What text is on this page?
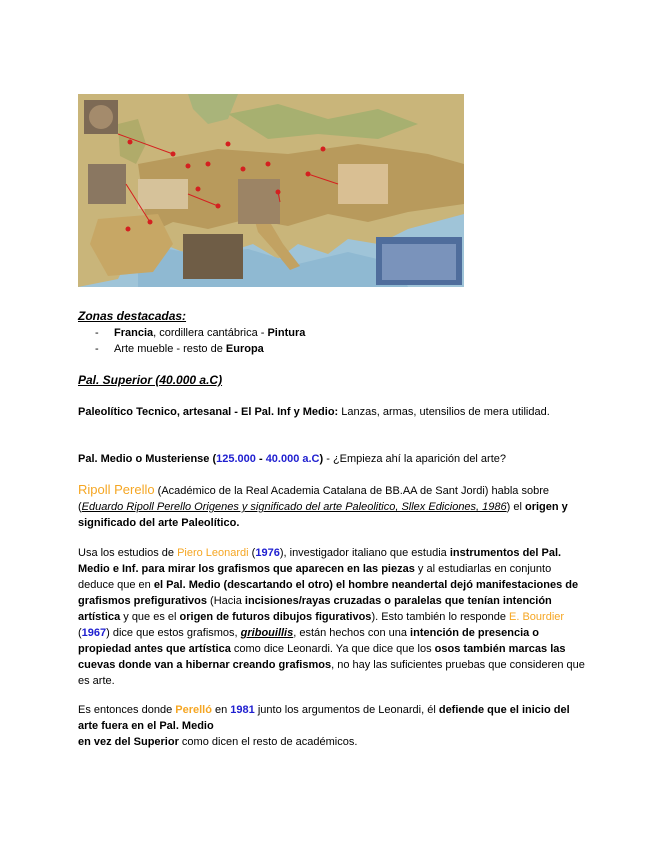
Zonas destacadas:
- Francia, cordillera cantábrica - Pintura
- Arte mueble - resto de Europa
Pal. Superior (40.000 a.C)
Paleolítico Tecnico, artesanal - El Pal. Inf y Medio: Lanzas, armas, utensilios de mera utilidad.
Pal. Medio o Musteriense (125.000 - 40.000 a.C) - ¿Empieza ahí la aparición del arte?
Ripoll Perello (Académico de la Real Academia Catalana de BB.AA de Sant Jordi) habla sobre (Eduardo Ripoll Perello Origenes y significado del arte Paleolitico, Sllex Ediciones, 1986) el origen y significado del arte Paleolítico.
Usa los estudios de Piero Leonardi (1976), investigador italiano que estudia instrumentos del Pal. Medio e Inf. para mirar los grafismos que aparecen en las piezas y al estudiarlas en conjunto deduce que en el Pal. Medio (descartando el otro) el hombre neandertal dejó manifestaciones de grafismos prefigurativos (Hacia incisiones/rayas cruzadas o paralelas que tenían intención artística y que es el origen de futuros dibujos figurativos). Esto también lo responde E. Bourdier (1967) dice que estos grafismos, gribouillis, están hechos con una intención de presencia o propiedad antes que artística como dice Leonardi. Ya que dice que los osos también marcas las cuevas donde van a hibernar creando grafismos, no hay las suficientes pruebas que consideren que es arte.
Es entonces donde Perelló en 1981 junto los argumentos de Leonardi, él defiende que el inicio del arte fuera en el Pal. Medio
en vez del Superior como dicen el resto de académicos.
